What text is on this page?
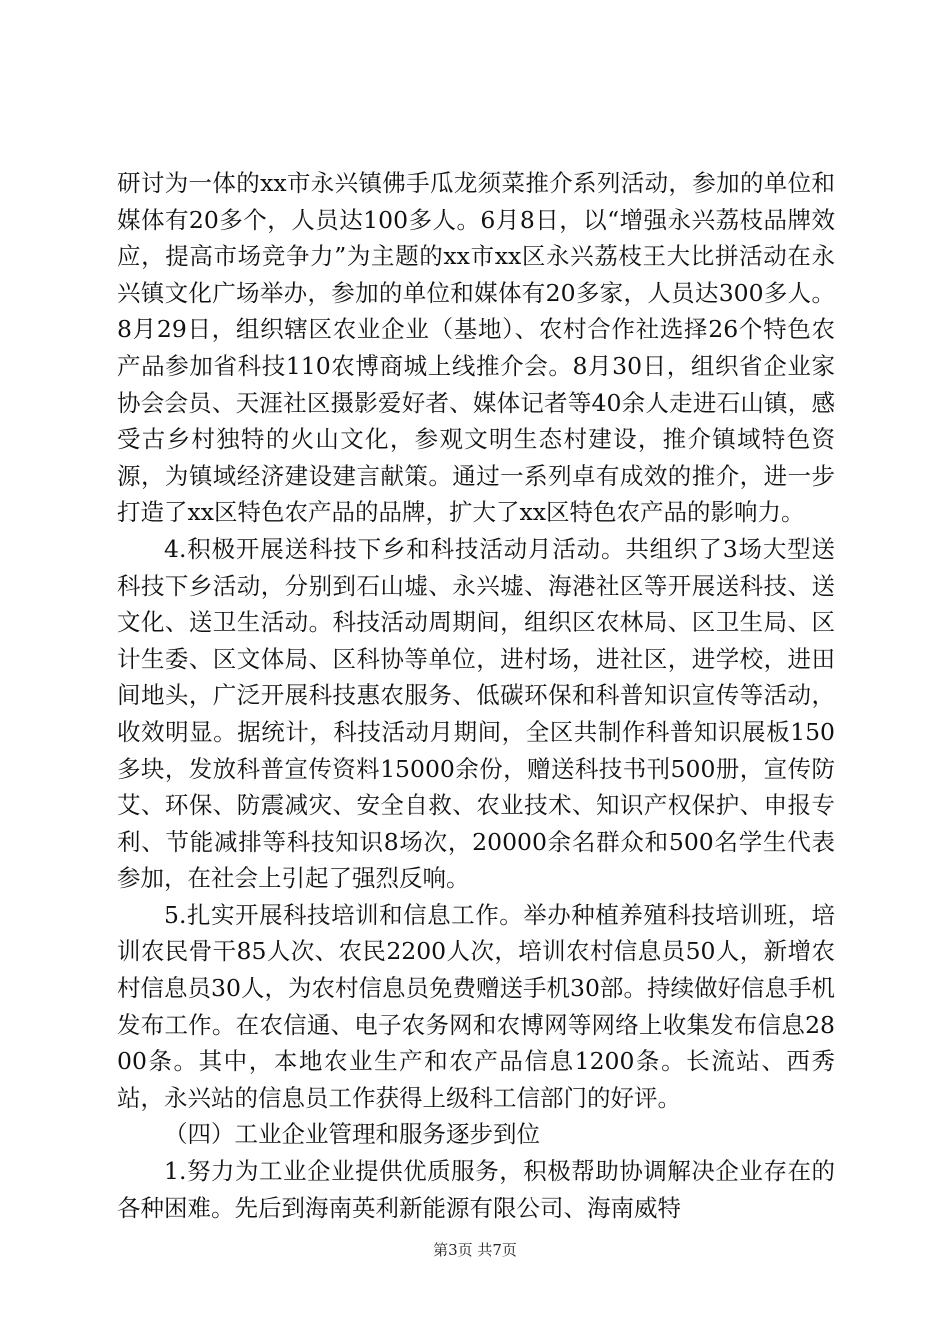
研讨为一体的xx市永兴镇佛手瓜龙须菜推介系列活动，参加的单位和媒体有20多个，人员达100多人。6月8日，以“增强永兴荔枝品牌效应，提高市场竞争力”为主题的xx市xx区永兴荔枝王大比拼活动在永兴镇文化广场举办，参加的单位和媒体有20多家，人员达300多人。8月29日，组织辖区农业企业（基地）、农村合作社选择26个特色农产品参加省科技110农博商城上线推介会。8月30日，组织省企业家协会会员、天涯社区摄影爱好者、媒体记者等40余人走进石山镇，感受古乡村独特的火山文化，参观文明生态村建设，推介镇域特色资源，为镇域经济建设建言献策。通过一系列卓有成效的推介，进一步打造了xx区特色农产品的品牌，扩大了xx区特色农产品的影响力。

4.积极开展送科技下乡和科技活动月活动。共组织了3场大型送科技下乡活动，分别到石山墟、永兴墟、海港社区等开展送科技、送文化、送卫生活动。科技活动周期间，组织区农林局、区卫生局、区计生委、区文体局、区科协等单位，进村场，进社区，进学校，进田间地头，广泛开展科技惠农服务、低碳环保和科普知识宣传等活动，收效明显。据统计，科技活动月期间，全区共制作科普知识展板150多块，发放科普宣传资料15000余份，赠送科技书刊500册，宣传防艾、环保、防震减灾、安全自救、农业技术、知识产权保护、申报专利、节能减排等科技知识8场次，20000余名群众和500名学生代表参加，在社会上引起了强烈反响。

5.扎实开展科技培训和信息工作。举办种植养殖科技培训班，培训农民骨干85人次、农民2200人次，培训农村信息员50人，新增农村信息员30人，为农村信息员免费赠送手机30部。持续做好信息手机发布工作。在农信通、电子农务网和农博网等网络上收集发布信息2800条。其中，本地农业生产和农产品信息1200条。长流站、西秀站，永兴站的信息员工作获得上级科工信部门的好评。

（四）工业企业管理和服务逐步到位

1.努力为工业企业提供优质服务，积极帮助协调解决企业存在的各种困难。先后到海南英利新能源有限公司、海南威特

第3页 共7页
